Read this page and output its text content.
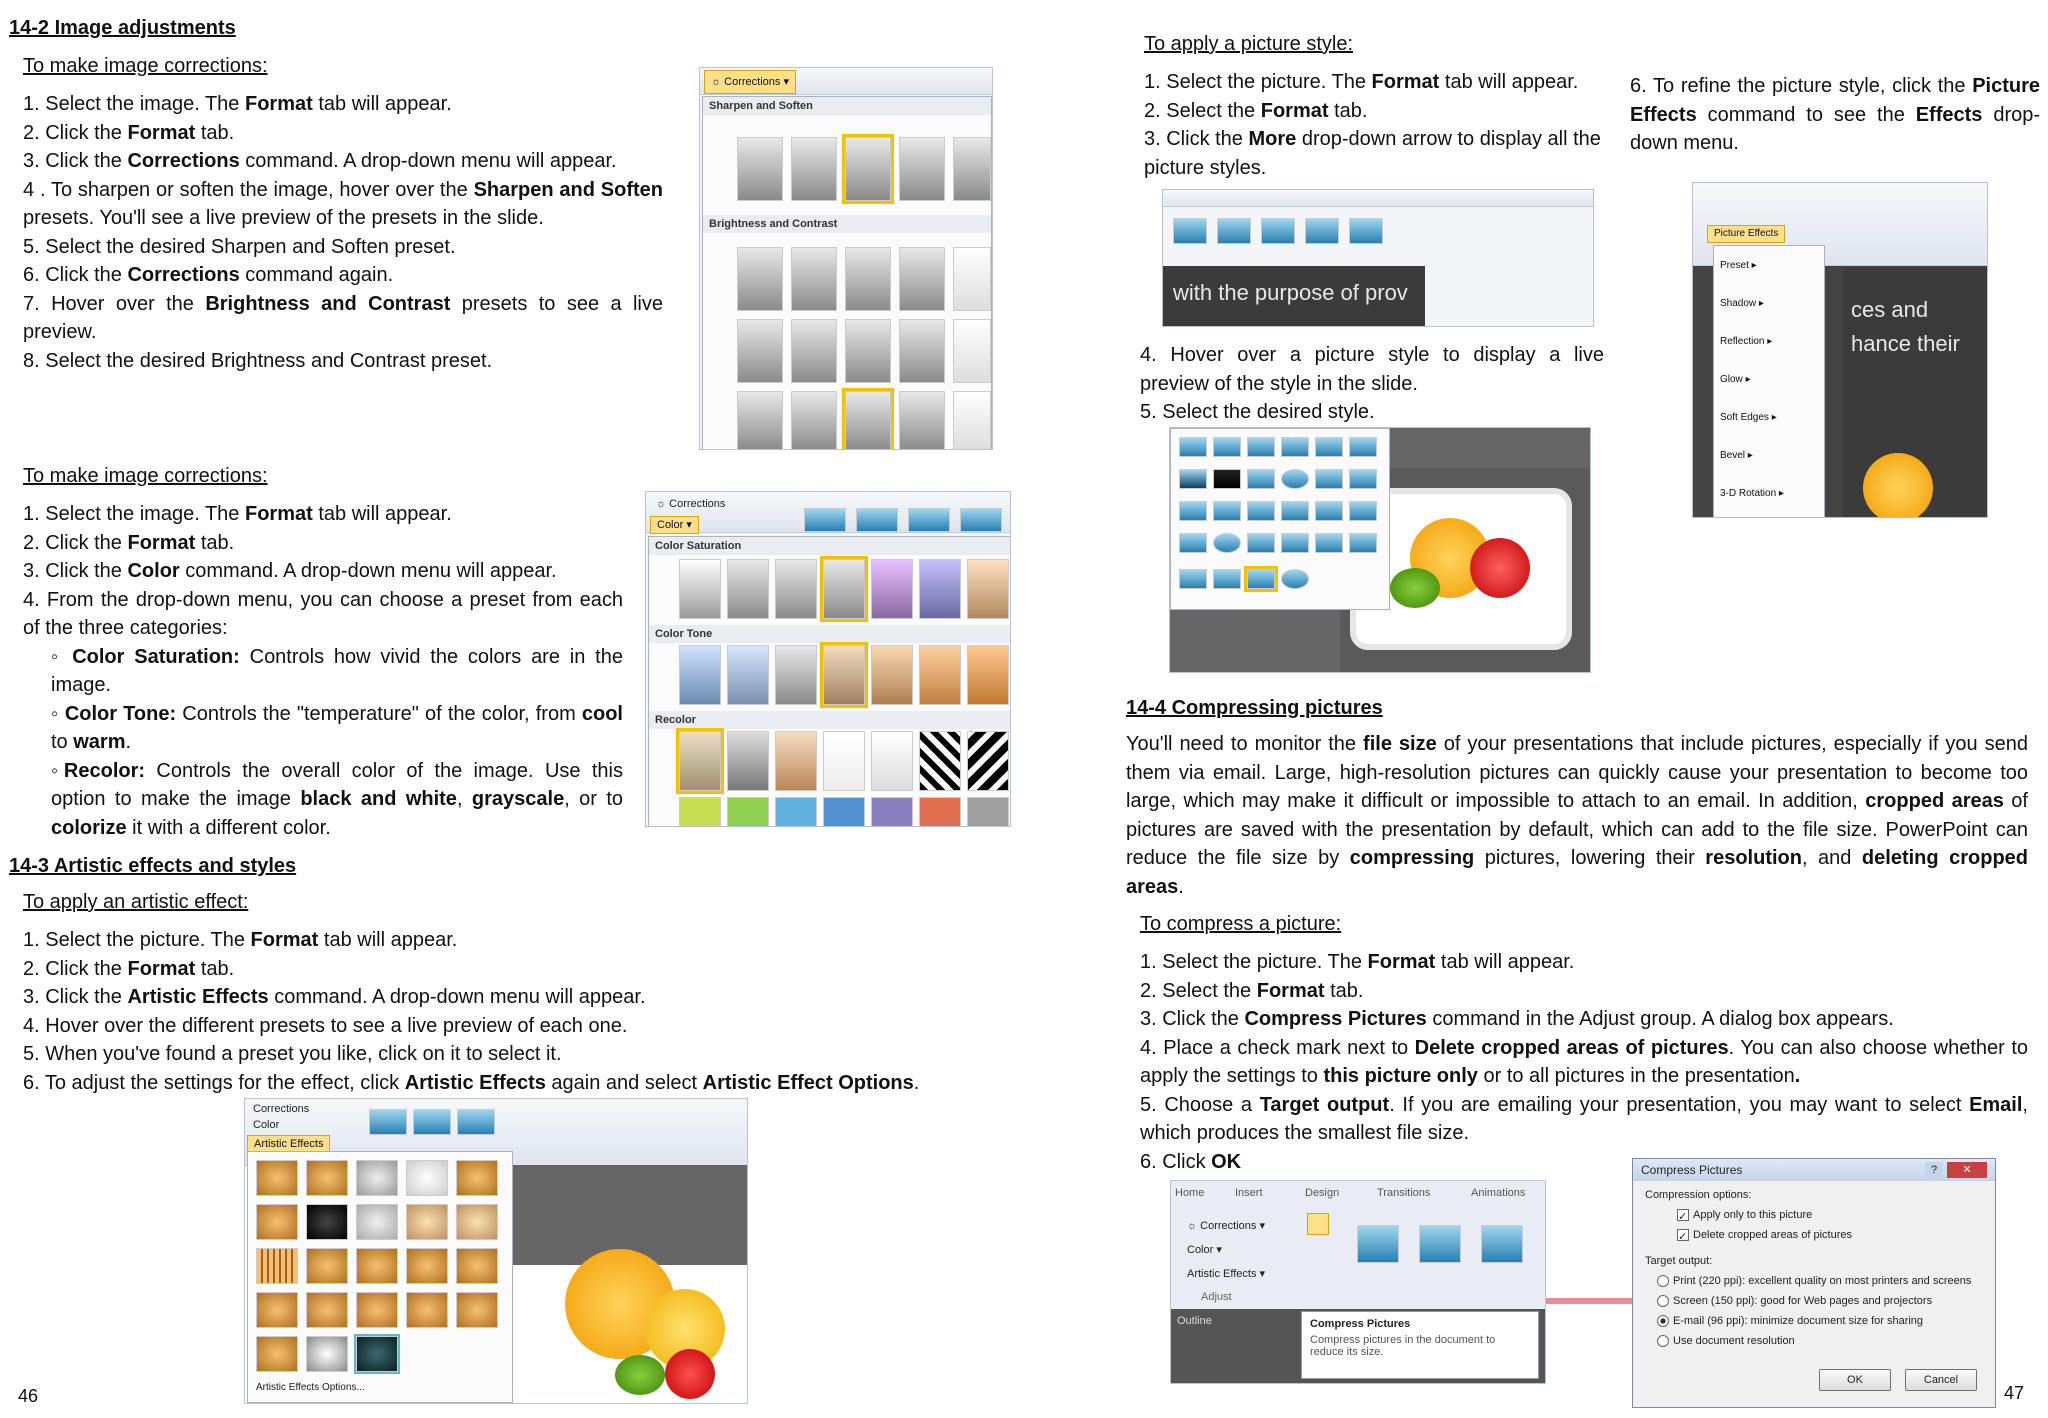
14-2 Image adjustments

To make image corrections:

1. Select the image. The Format tab will appear.

2. Click the Format tab.

3. Click the Corrections command. A drop-down menu will appear.

4 . To sharpen or soften the image, hover over the Sharpen and Soften presets. You'll see a live preview of the presets in the slide.

5. Select the desired Sharpen and Soften preset.

6. Click the Corrections command again.

7. Hover over the Brightness and Contrast presets to see a live preview.

8. Select the desired Brightness and Contrast preset.

☼ Corrections ▾
Sharpen and Soften
Brightness and Contrast

To make image corrections:

1. Select the image. The Format tab will appear.

2. Click the Format tab.

3. Click the Color command. A drop-down menu will appear.

4. From the drop-down menu, you can choose a preset from each of the three categories:

◦ Color Saturation: Controls how vivid the colors are in the image.

◦ Color Tone: Controls the "temperature" of the color, from cool to warm.

◦Recolor: Controls the overall color of the image. Use this option to make the image black and white, grayscale, or to colorize it with a different color.

☼ Corrections
Color ▾
Color Saturation
Color Tone
Recolor
14-3 Artistic effects and styles

To apply an artistic effect:

1. Select the picture. The Format tab will appear.

2. Click the Format tab.

3. Click the Artistic Effects command. A drop-down menu will appear.

4. Hover over the different presets to see a live preview of each one.

5. When you've found a preset you like, click on it to select it.

6. To adjust the settings for the effect, click Artistic Effects again and select Artistic Effect Options.

Corrections
Color
Artistic Effects
Artistic Effects Options...
46

To apply a picture style:

1. Select the picture. The Format tab will appear.

2. Select the Format tab.

3. Click the More drop-down arrow to display all the picture styles.

6. To refine the picture style, click the Picture Effects command to see the Effects drop-down menu.

with the purpose of prov

4. Hover over a picture style to display a live preview of the style in the slide.

5. Select the desired style.

ces and
hance their
Picture Effects
Preset ▸
Shadow ▸
Reflection ▸
Glow ▸
Soft Edges ▸
Bevel ▸
3-D Rotation ▸
14-4 Compressing pictures

You'll need to monitor the file size of your presentations that include pictures, especially if you send them via email. Large, high-resolution pictures can quickly cause your presentation to become too large, which may make it difficult or impossible to attach to an email. In addition, cropped areas of pictures are saved with the presentation by default, which can add to the file size. PowerPoint can reduce the file size by compressing pictures, lowering their resolution, and deleting cropped areas.

To compress a picture:

1. Select the picture. The Format tab will appear.

2. Select the Format tab.

3. Click the Compress Pictures command in the Adjust group. A dialog box appears.

4. Place a check mark next to Delete cropped areas of pictures. You can also choose whether to apply the settings to this picture only or to all pictures in the presentation.

5. Choose a Target output. If you are emailing your presentation, you may want to select Email, which produces the smallest file size.

6. Click OK

Home	Insert	Design	Transitions	Animations
☼ Corrections ▾
Color ▾
Artistic Effects ▾
Adjust
Outline	Compress Pictures
Compress pictures in the document to reduce its size.
Compress Pictures	✕
?
Compression options:
✓ Apply only to this picture
✓ Delete cropped areas of pictures
Target output:
Print (220 ppi): excellent quality on most printers and screens
Screen (150 ppi): good for Web pages and projectors
E-mail (96 ppi): minimize document size for sharing
Use document resolution
OK	Cancel
47
